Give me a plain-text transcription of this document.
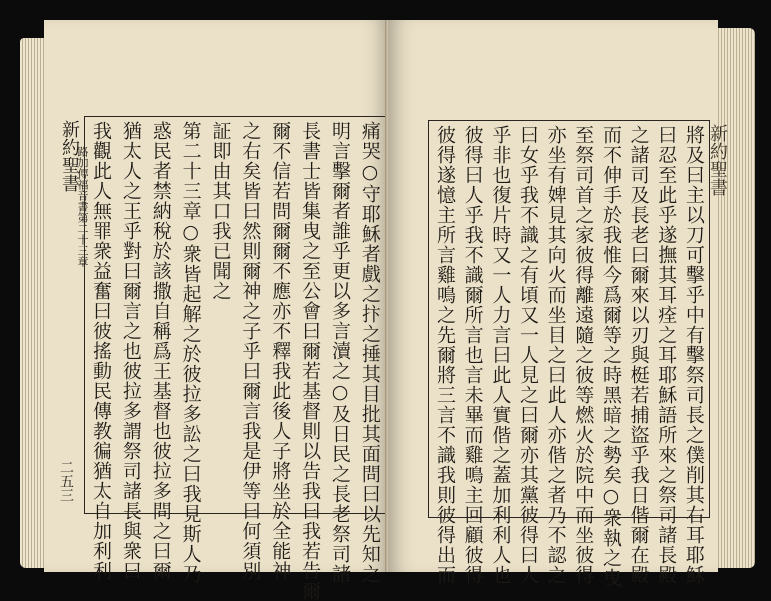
新約聖書
路加傳福音書第二十三章
二五三	痛哭○守耶穌者戲之抃之捶其目批其面問曰以先知之
明言擊爾者誰乎更以多言瀆之○及日民之長老祭司諸
長書士皆集曳之至公會曰爾若基督則以告我曰我若告爾
爾不信若問爾爾不應亦不釋我此後人子將坐於全能神
之右矣皆曰然則爾神之子乎曰爾言我是伊等曰何須別
証即由其口我已聞之
第二十三章○衆皆起解之於彼拉多訟之曰我見斯人乃
惑民者禁納稅於該撒自稱爲王基督也彼拉多問之曰爾
猶太人之王乎對曰爾言之也彼拉多謂祭司諸長與衆曰
我觀此人無罪衆益奮曰彼搖動民傳教徧猶太自加利利	新約聖書
將及曰主以刀可擊乎中有擊祭司長之僕削其右耳耶穌
曰忍至此乎遂撫其耳痊之耳耶穌語所來之祭司諸長殿
之諸司及長老曰爾來以刃與梃若捕盜乎我日偕爾在殿
而不伸手於我惟今爲爾等之時黑暗之勢矣○衆執之曳
至祭司首之家彼得離遠隨之彼等燃火於院中而坐彼得
亦坐有婢見其向火而坐目之曰此人亦偕之者乃不認之
曰女乎我不識之有頃又一人見之曰爾亦其黨彼得曰人
乎非也復片時又一人力言曰此人實偕之蓋加利利人也
彼得曰人乎我不識爾所言也言未畢而雞鳴主回顧彼得
彼得遂憶主所言雞鳴之先爾將三言不識我則彼得出而
